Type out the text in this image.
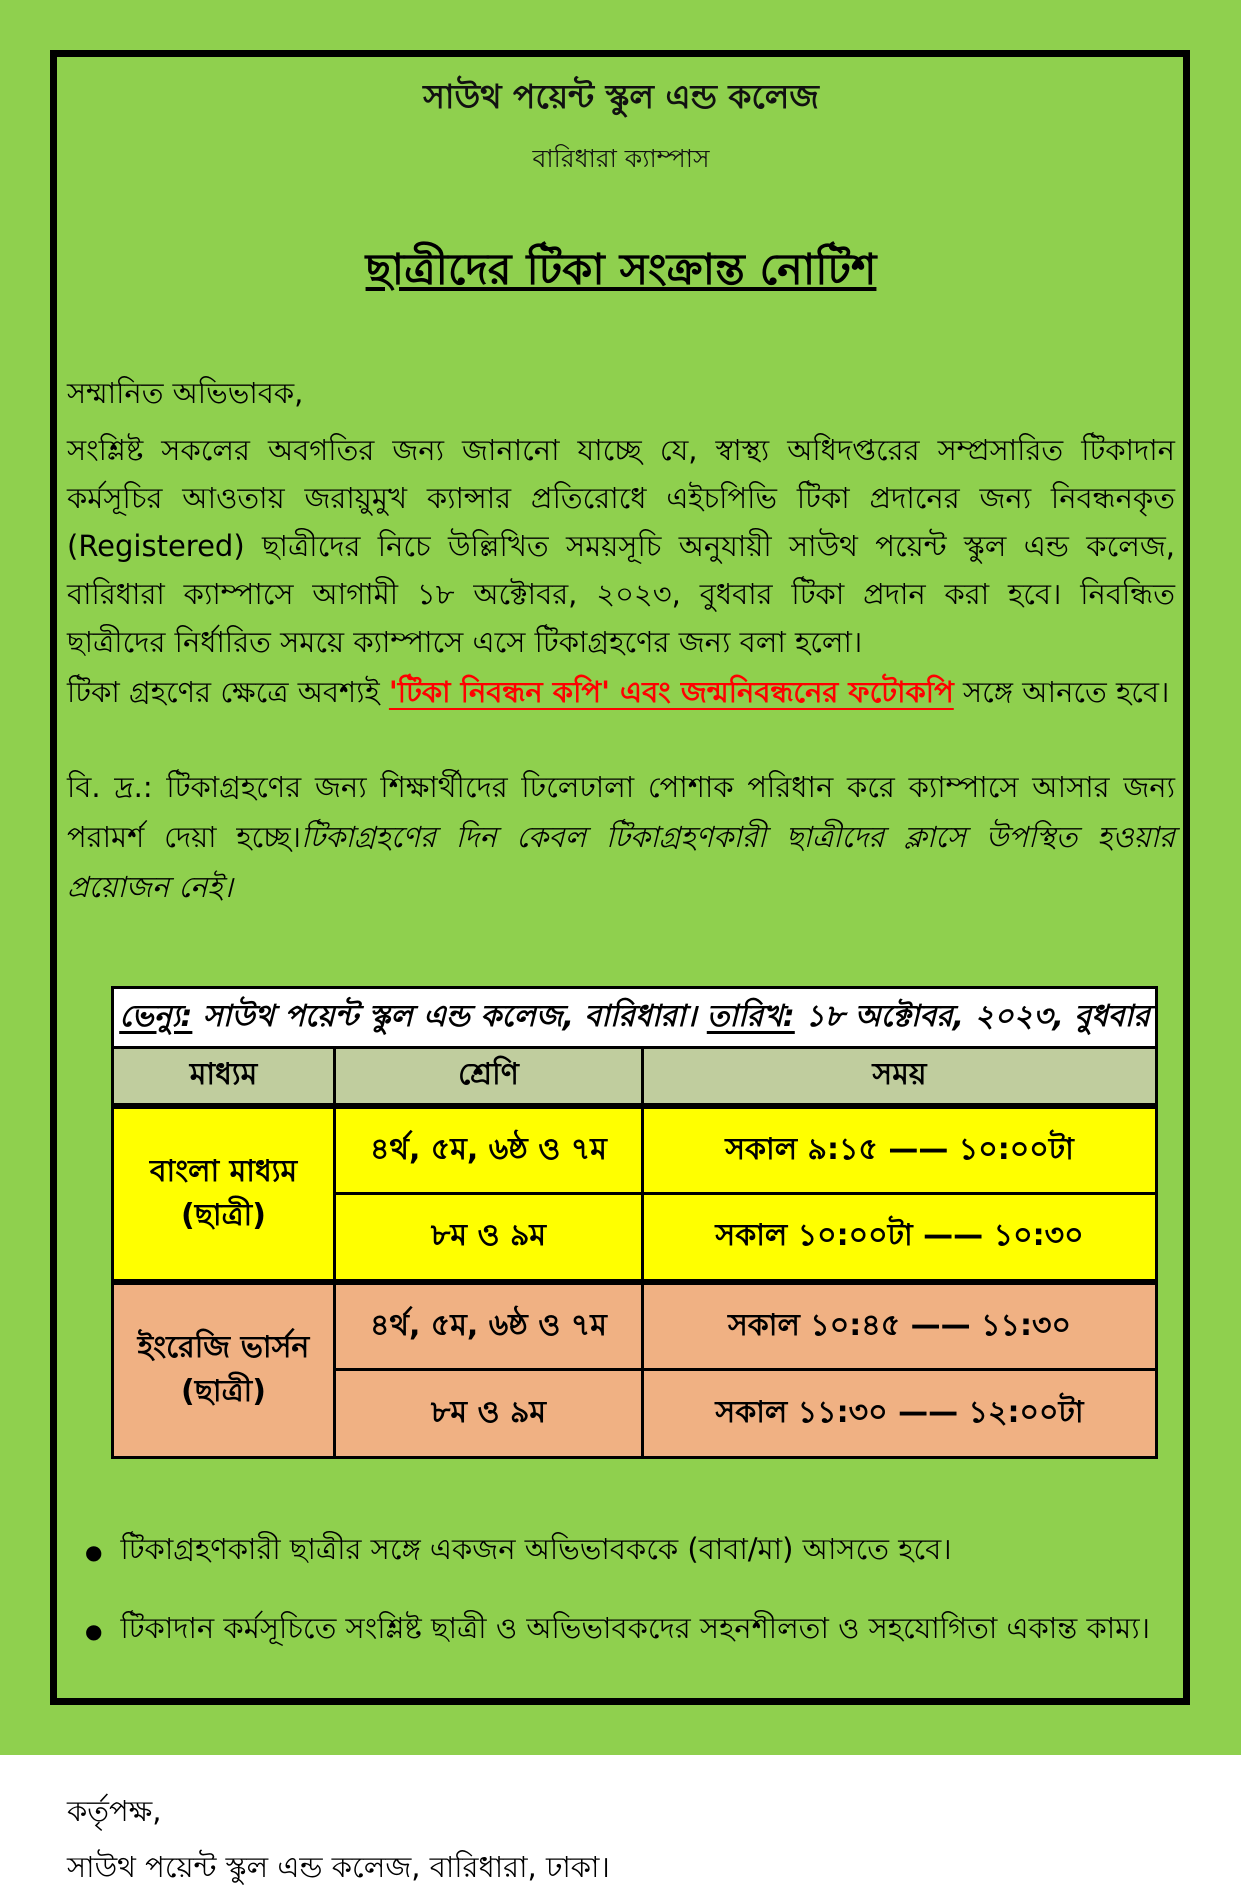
সাউথ পয়েন্ট স্কুল এন্ড কলেজ
বারিধারা ক্যাম্পাস
ছাত্রীদের টিকা সংক্রান্ত নোটিশ

সম্মানিত অভিভাবক,

সংশ্লিষ্ট সকলের অবগতির জন্য জানানো যাচ্ছে যে, স্বাস্থ্য অধিদপ্তরের সম্প্রসারিত টিকাদান কর্মসূচির আওতায় জরায়ুমুখ ক্যান্সার প্রতিরোধে এইচপিভি টিকা প্রদানের জন্য নিবন্ধনকৃত (Registered) ছাত্রীদের নিচে উল্লিখিত সময়সূচি অনুযায়ী সাউথ পয়েন্ট স্কুল এন্ড কলেজ, বারিধারা ক্যাম্পাসে আগামী ১৮ অক্টোবর, ২০২৩, বুধবার টিকা প্রদান করা হবে। নিবন্ধিত ছাত্রীদের নির্ধারিত সময়ে ক্যাম্পাসে এসে টিকাগ্রহণের জন্য বলা হলো।

টিকা গ্রহণের ক্ষেত্রে অবশ্যই 'টিকা নিবন্ধন কপি' এবং জন্মনিবন্ধনের ফটোকপি সঙ্গে আনতে হবে।

বি. দ্র.: টিকাগ্রহণের জন্য শিক্ষার্থীদের ঢিলেঢালা পোশাক পরিধান করে ক্যাম্পাসে আসার জন্য পরামর্শ দেয়া হচ্ছে।টিকাগ্রহণের দিন কেবল টিকাগ্রহণকারী ছাত্রীদের ক্লাসে উপস্থিত হওয়ার প্রয়োজন নেই।

ভেন্যু: সাউথ পয়েন্ট স্কুল এন্ড কলেজ, বারিধারা। তারিখ: ১৮ অক্টোবর, ২০২৩, বুধবার		
মাধ্যম	শ্রেণি	সময়

বাংলা মাধ্যম
(ছাত্রী)	৪র্থ, ৫ম, ৬ষ্ঠ ও ৭ম	সকাল ৯:১৫ —— ১০:০০টা
	৮ম ও ৯ম	সকাল ১০:০০টা —— ১০:৩০

ইংরেজি ভার্সন
(ছাত্রী)	৪র্থ, ৫ম, ৬ষ্ঠ ও ৭ম	সকাল ১০:৪৫ —— ১১:৩০
	৮ম ও ৯ম	সকাল ১১:৩০ —— ১২:০০টা
● টিকাগ্রহণকারী ছাত্রীর সঙ্গে একজন অভিভাবককে (বাবা/মা) আসতে হবে।
● টিকাদান কর্মসূচিতে সংশ্লিষ্ট ছাত্রী ও অভিভাবকদের সহনশীলতা ও সহযোগিতা একান্ত কাম্য।
কর্তৃপক্ষ,
সাউথ পয়েন্ট স্কুল এন্ড কলেজ, বারিধারা, ঢাকা।
